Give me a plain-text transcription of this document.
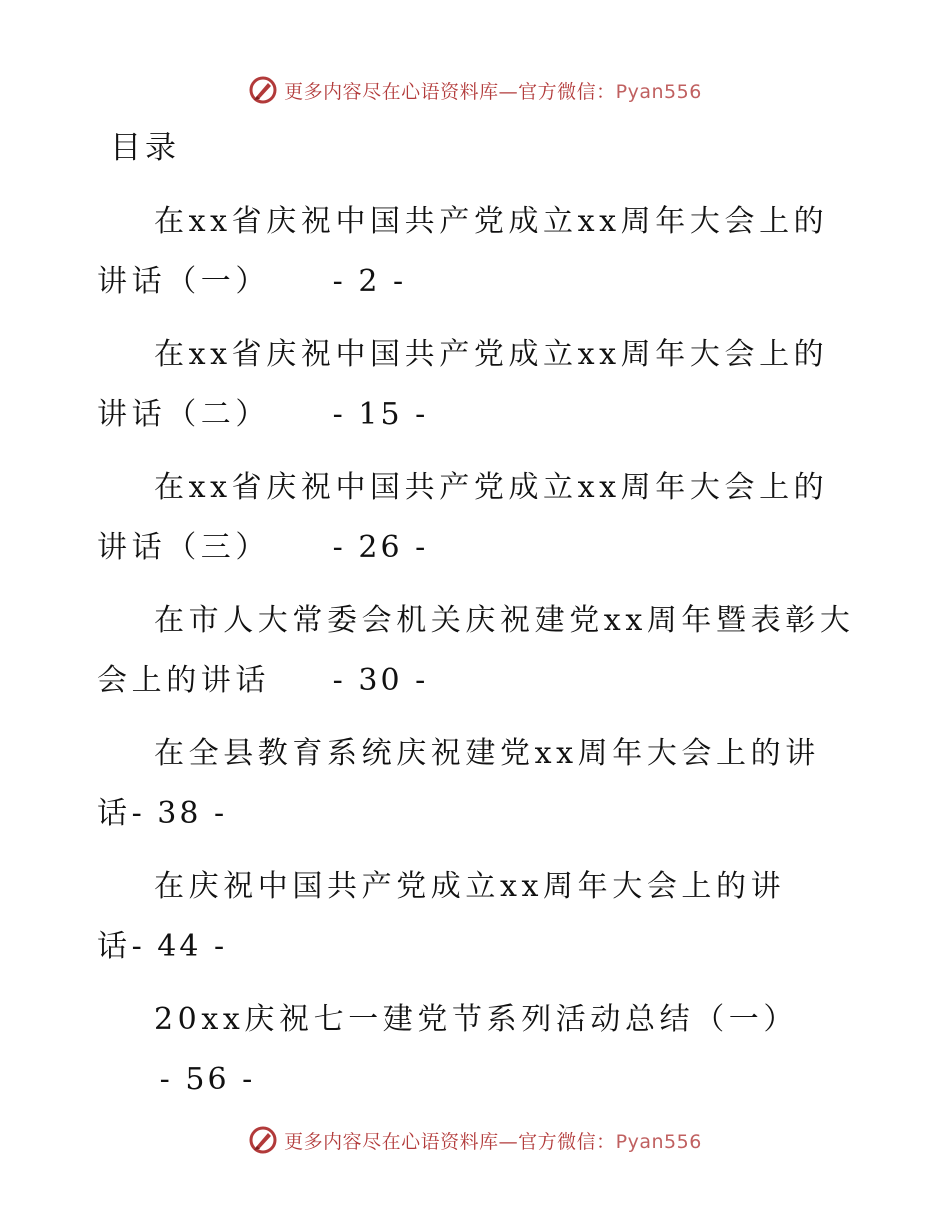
更多内容尽在心语资料库—官方微信：Pyan556
目录
在xx省庆祝中国共产党成立xx周年大会上的讲话（一）     - 2 -
在xx省庆祝中国共产党成立xx周年大会上的讲话（二）     - 15 -
在xx省庆祝中国共产党成立xx周年大会上的讲话（三）     - 26 -
在市人大常委会机关庆祝建党xx周年暨表彰大会上的讲话     - 30 -
在全县教育系统庆祝建党xx周年大会上的讲话- 38 -
在庆祝中国共产党成立xx周年大会上的讲话- 44 -
20xx庆祝七一建党节系列活动总结（一）     - 56 -
更多内容尽在心语资料库—官方微信：Pyan556
